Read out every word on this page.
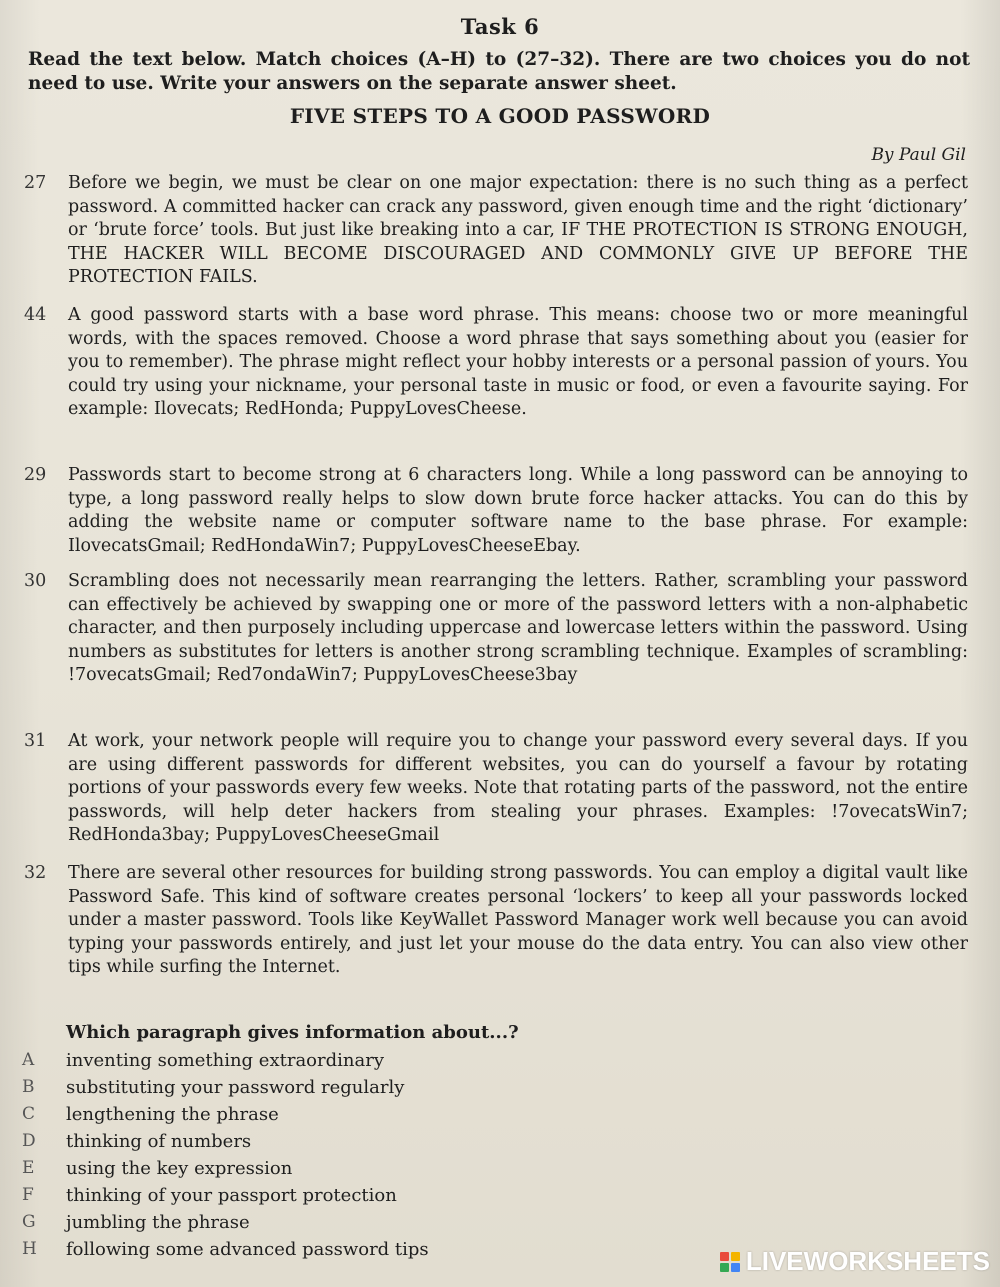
Task 6
Read the text below. Match choices (A–H) to (27–32). There are two choices you do not need to use. Write your answers on the separate answer sheet.
FIVE STEPS TO A GOOD PASSWORD
By Paul Gil
27	Before we begin, we must be clear on one major expectation: there is no such thing as a perfect password. A committed hacker can crack any password, given enough time and the right ‘dictionary’ or ‘brute force’ tools. But just like breaking into a car, IF THE PROTECTION IS STRONG ENOUGH, THE HACKER WILL BECOME DISCOURAGED AND COMMONLY GIVE UP BEFORE THE PROTECTION FAILS.
44	A good password starts with a base word phrase. This means: choose two or more meaningful words, with the spaces removed. Choose a word phrase that says something about you (easier for you to remember). The phrase might reflect your hobby interests or a personal passion of yours. You could try using your nickname, your personal taste in music or food, or even a favourite saying. For example: Ilovecats; RedHonda; PuppyLovesCheese.
29	Passwords start to become strong at 6 characters long. While a long password can be annoying to type, a long password really helps to slow down brute force hacker attacks. You can do this by adding the website name or computer software name to the base phrase. For example: IlovecatsGmail; RedHondaWin7; PuppyLovesCheeseEbay.
30	Scrambling does not necessarily mean rearranging the letters. Rather, scrambling your password can effectively be achieved by swapping one or more of the password letters with a non-alphabetic character, and then purposely including uppercase and lowercase letters within the password. Using numbers as substitutes for letters is another strong scrambling technique. Examples of scrambling: !7ovecatsGmail; Red7ondaWin7; PuppyLovesCheese3bay
31	At work, your network people will require you to change your password every several days. If you are using different passwords for different websites, you can do yourself a favour by rotating portions of your passwords every few weeks. Note that rotating parts of the password, not the entire passwords, will help deter hackers from stealing your phrases. Examples: !7ovecatsWin7; RedHonda3bay; PuppyLovesCheeseGmail
32	There are several other resources for building strong passwords. You can employ a digital vault like Password Safe. This kind of software creates personal ‘lockers’ to keep all your passwords locked under a master password. Tools like KeyWallet Password Manager work well because you can avoid typing your passwords entirely, and just let your mouse do the data entry. You can also view other tips while surfing the Internet.
Which paragraph gives information about...?
A	inventing something extraordinary
B	substituting your password regularly
C	lengthening the phrase
D	thinking of numbers
E	using the key expression
F	thinking of your passport protection
G	jumbling the phrase
H	following some advanced password tips	LIVEWORKSHEETS
